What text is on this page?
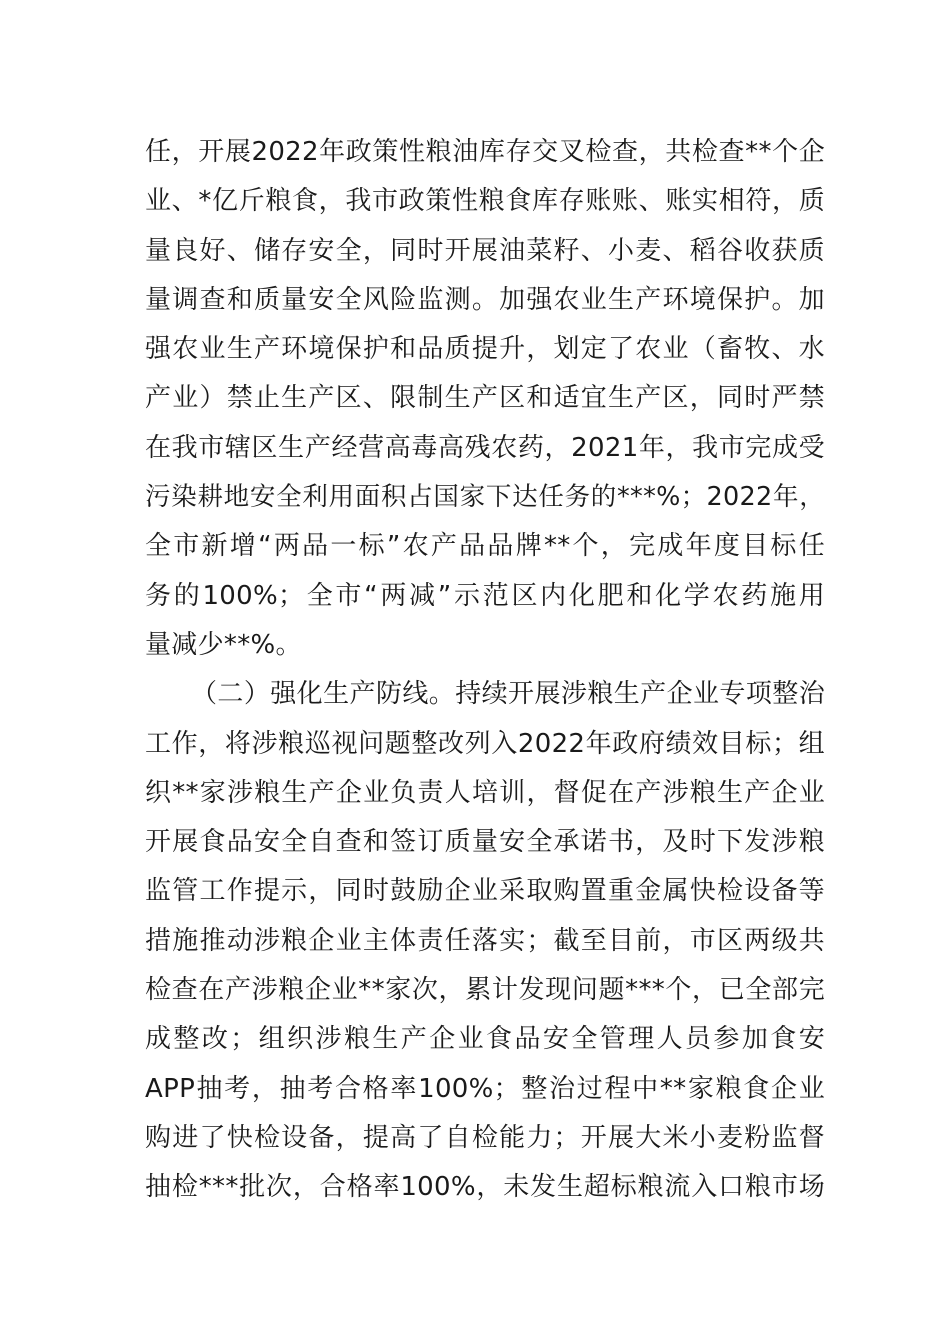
任，开展2022年政策性粮油库存交叉检查，共检查**个企
业、*亿斤粮食，我市政策性粮食库存账账、账实相符，质
量良好、储存安全，同时开展油菜籽、小麦、稻谷收获质
量调查和质量安全风险监测。加强农业生产环境保护。加
强农业生产环境保护和品质提升，划定了农业（畜牧、水
产业）禁止生产区、限制生产区和适宜生产区，同时严禁
在我市辖区生产经营高毒高残农药，2021年，我市完成受
污染耕地安全利用面积占国家下达任务的***%；2022年，
全市新增“两品一标”农产品品牌**个，完成年度目标任
务的100%；全市“两减”示范区内化肥和化学农药施用
量减少**%。
（二）强化生产防线。持续开展涉粮生产企业专项整治
工作，将涉粮巡视问题整改列入2022年政府绩效目标；组
织**家涉粮生产企业负责人培训，督促在产涉粮生产企业
开展食品安全自查和签订质量安全承诺书，及时下发涉粮
监管工作提示，同时鼓励企业采取购置重金属快检设备等
措施推动涉粮企业主体责任落实；截至目前，市区两级共
检查在产涉粮企业**家次，累计发现问题***个，已全部完
成整改；组织涉粮生产企业食品安全管理人员参加食安
APP抽考，抽考合格率100%；整治过程中**家粮食企业
购进了快检设备，提高了自检能力；开展大米小麦粉监督
抽检***批次，合格率100%，未发生超标粮流入口粮市场
